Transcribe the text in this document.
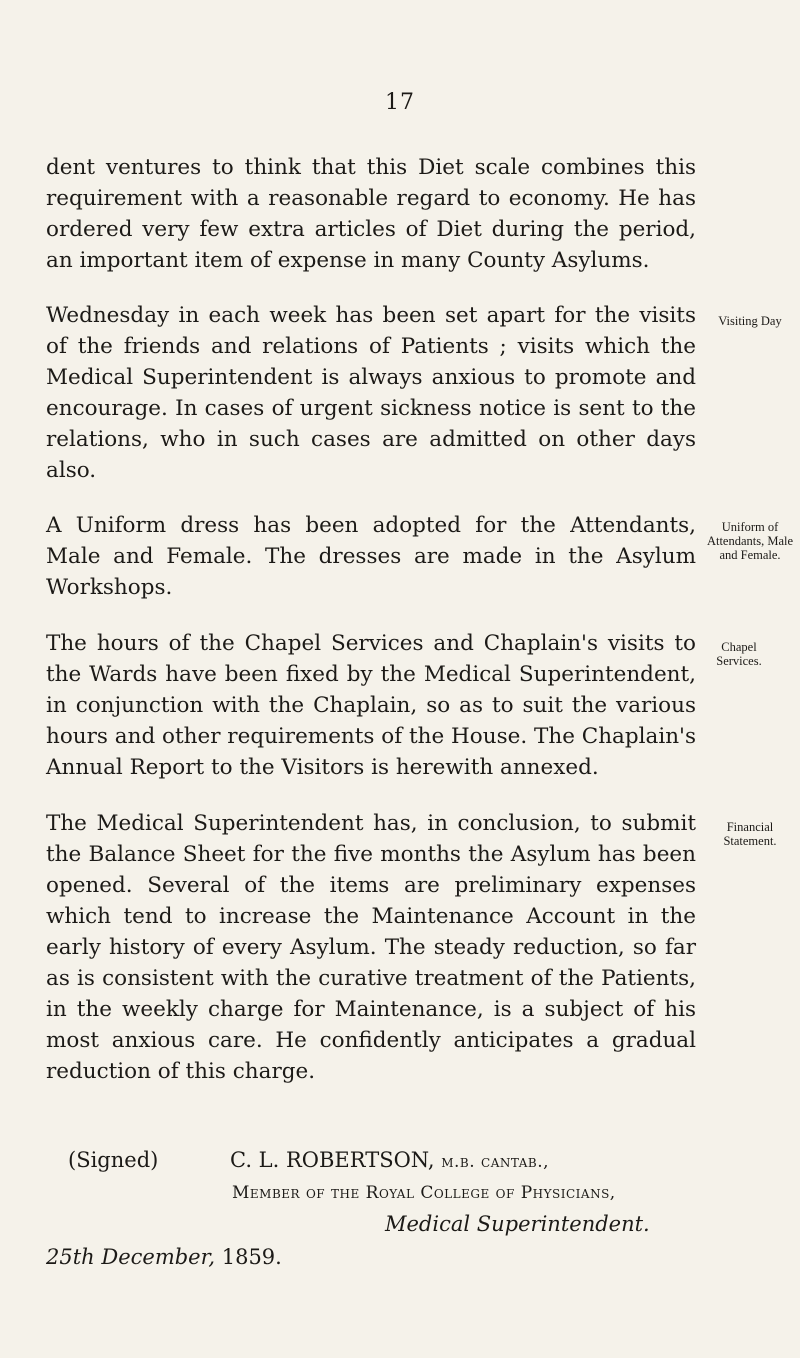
17

dent ventures to think that this Diet scale combines this requirement with a reasonable regard to economy. He has ordered very few extra articles of Diet during the period, an important item of expense in many County Asylums.

Wednesday in each week has been set apart for the visits of the friends and relations of Patients ; visits which the Medical Superintendent is always anxious to promote and encourage. In cases of urgent sickness notice is sent to the relations, who in such cases are admitted on other days also.

A Uniform dress has been adopted for the Attendants, Male and Female. The dresses are made in the Asylum Workshops.

The hours of the Chapel Services and Chaplain's visits to the Wards have been fixed by the Medical Superintendent, in conjunction with the Chaplain, so as to suit the various hours and other requirements of the House. The Chaplain's Annual Report to the Visitors is herewith annexed.

The Medical Superintendent has, in conclusion, to submit the Balance Sheet for the five months the Asylum has been opened. Several of the items are preliminary expenses which tend to increase the Maintenance Account in the early history of every Asylum. The steady reduction, so far as is consistent with the curative treatment of the Patients, in the weekly charge for Maintenance, is a subject of his most anxious care. He confidently anticipates a gradual reduction of this charge.

Visiting Day
Uniform of Attendants, Male and Female.
Chapel Services.
Financial Statement.
(Signed)	C. L. ROBERTSON, m.b. cantab.,
Member of the Royal College of Physicians,
Medical Superintendent.
25th December, 1859.
